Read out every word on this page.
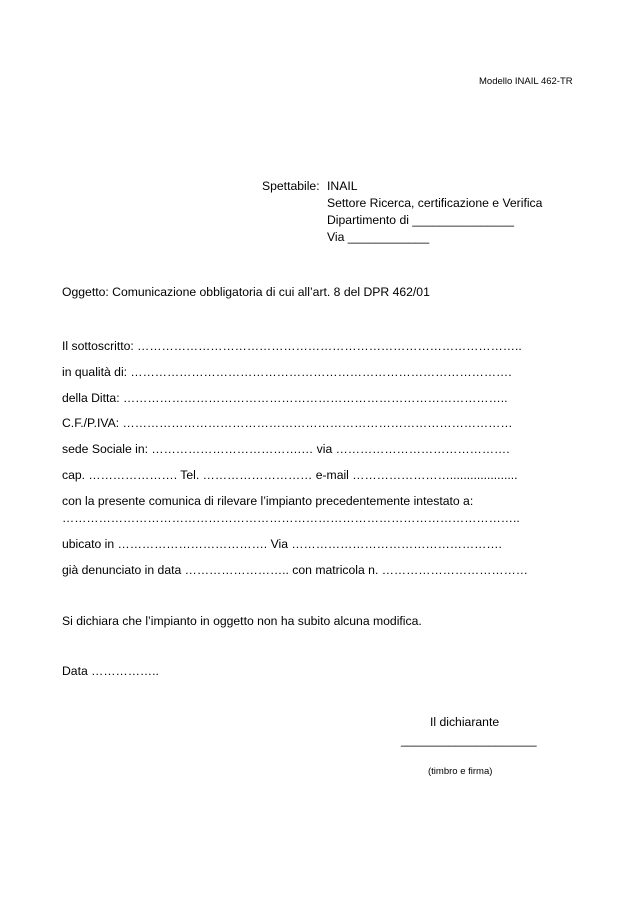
Modello INAIL 462-TR
Spettabile: INAIL
Settore Ricerca, certificazione e Verifica
Dipartimento di _______________
Via ____________
Oggetto: Comunicazione obbligatoria di cui all’art. 8 del DPR 462/01
Il sottoscritto: …………………………………………………………………………………..
in qualità di: ………………………………………………………………………………….
della Ditta: …………………………………………………………………………………..
C.F./P.IVA: ……………………………………………………………………………………
sede Sociale in: ……………………………….… via …………………………………….
cap. …………………. Tel. ……………………… e-mail ……………………....................
con la presente comunica di rilevare l’impianto precedentemente intestato a:
…………………………………………………………………………………………………..
ubicato in ………………………………. Via …………………………………………….
già denunciato in data …………………….. con matricola n. ………………………………
Si dichiara che l’impianto in oggetto non ha subito alcuna modifica.
Data ……………..
Il dichiarante
____________________
(timbro e firma)
